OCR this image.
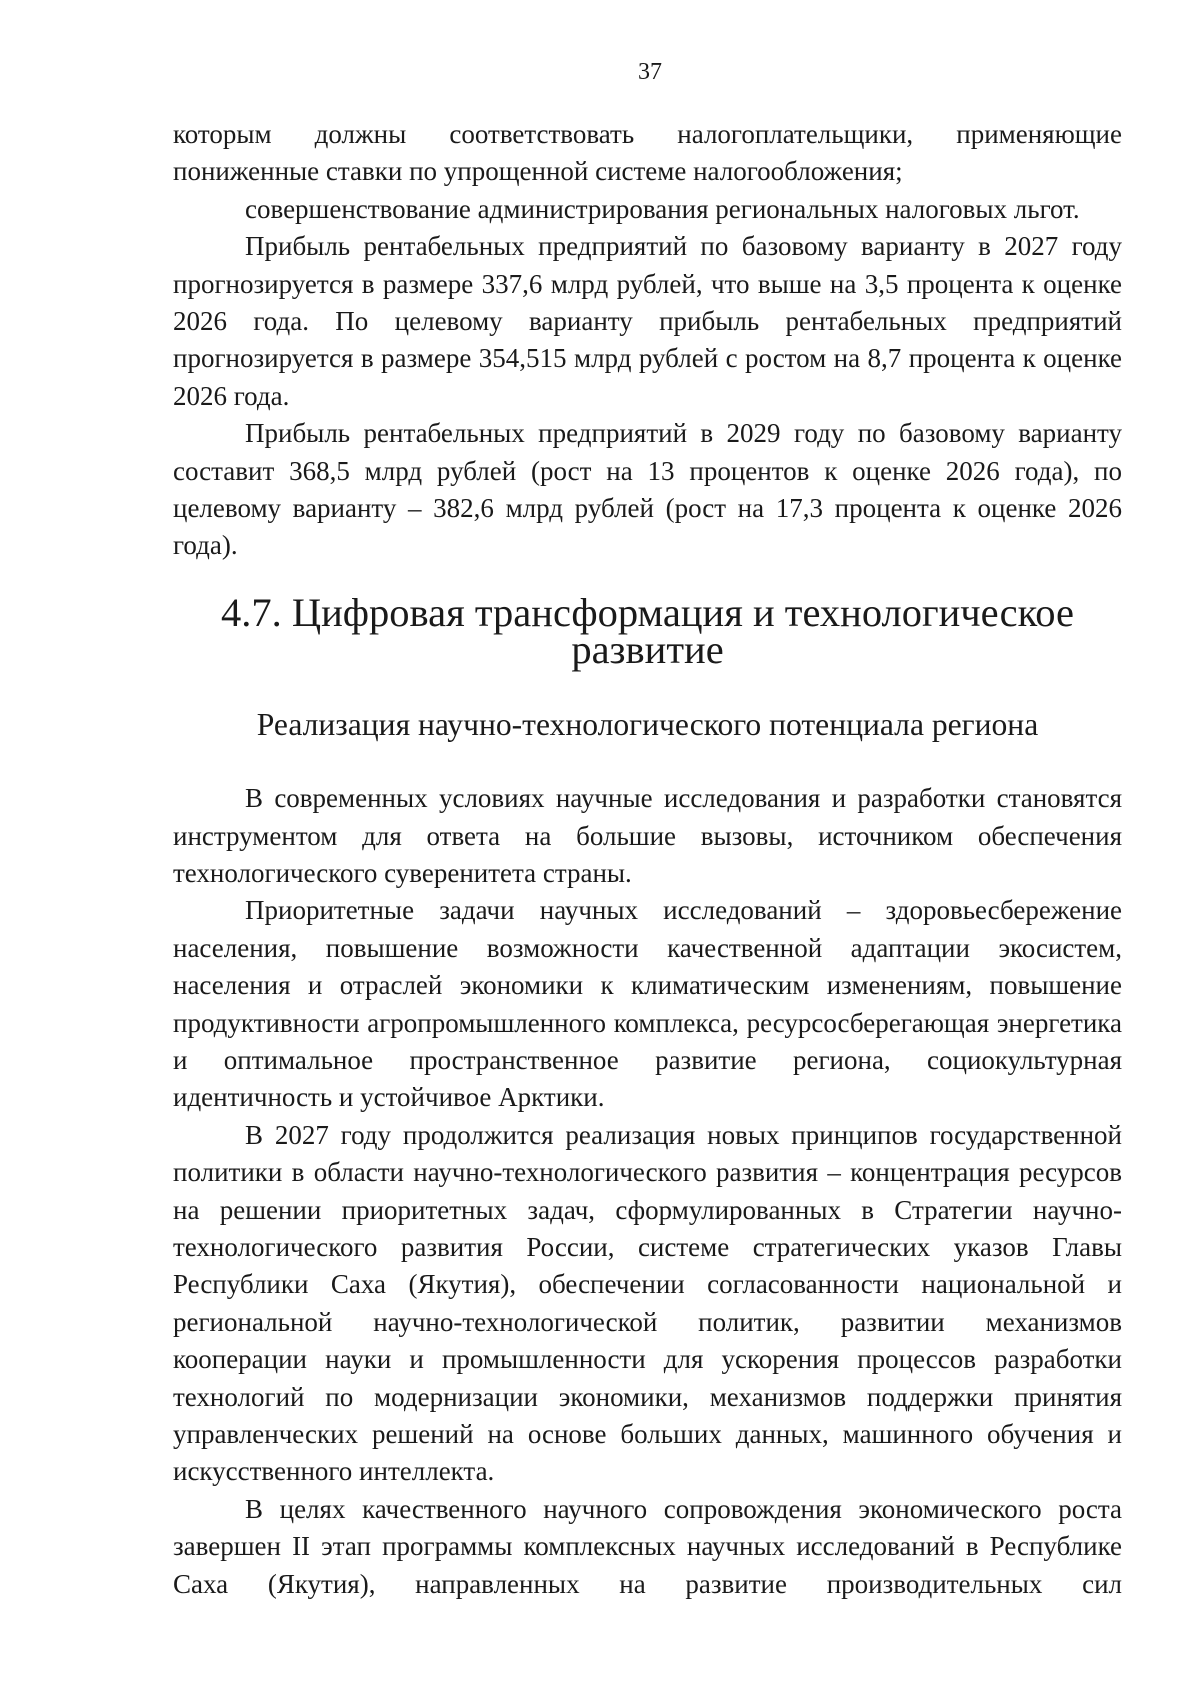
37

которым должны соответствовать налогоплательщики, применяющие пониженные ставки по упрощенной системе налогообложения;

совершенствование администрирования региональных налоговых льгот.

Прибыль рентабельных предприятий по базовому варианту в 2027 году прогнозируется в размере 337,6 млрд рублей, что выше на 3,5 процента к оценке 2026 года. По целевому варианту прибыль рентабельных предприятий прогнозируется в размере 354,515 млрд рублей с ростом на 8,7 процента к оценке 2026 года.

Прибыль рентабельных предприятий в 2029 году по базовому варианту составит 368,5 млрд рублей (рост на 13 процентов к оценке 2026 года), по целевому варианту – 382,6 млрд рублей (рост на 17,3 процента к оценке 2026 года).

4.7. Цифровая трансформация и технологическое развитие
Реализация научно-технологического потенциала региона

В современных условиях научные исследования и разработки становятся инструментом для ответа на большие вызовы, источником обеспечения технологического суверенитета страны.

Приоритетные задачи научных исследований – здоровьесбережение населения, повышение возможности качественной адаптации экосистем, населения и отраслей экономики к климатическим изменениям, повышение продуктивности агропромышленного комплекса, ресурсосберегающая энергетика и оптимальное пространственное развитие региона, социокультурная идентичность и устойчивое Арктики.

В 2027 году продолжится реализация новых принципов государственной политики в области научно-технологического развития – концентрация ресурсов на решении приоритетных задач, сформулированных в Стратегии научно-технологического развития России, системе стратегических указов Главы Республики Саха (Якутия), обеспечении согласованности национальной и региональной научно-технологической политик, развитии механизмов кооперации науки и промышленности для ускорения процессов разработки технологий по модернизации экономики, механизмов поддержки принятия управленческих решений на основе больших данных, машинного обучения и искусственного интеллекта.

В целях качественного научного сопровождения экономического роста завершен II этап программы комплексных научных исследований в Республике Саха (Якутия), направленных на развитие производительных сил
